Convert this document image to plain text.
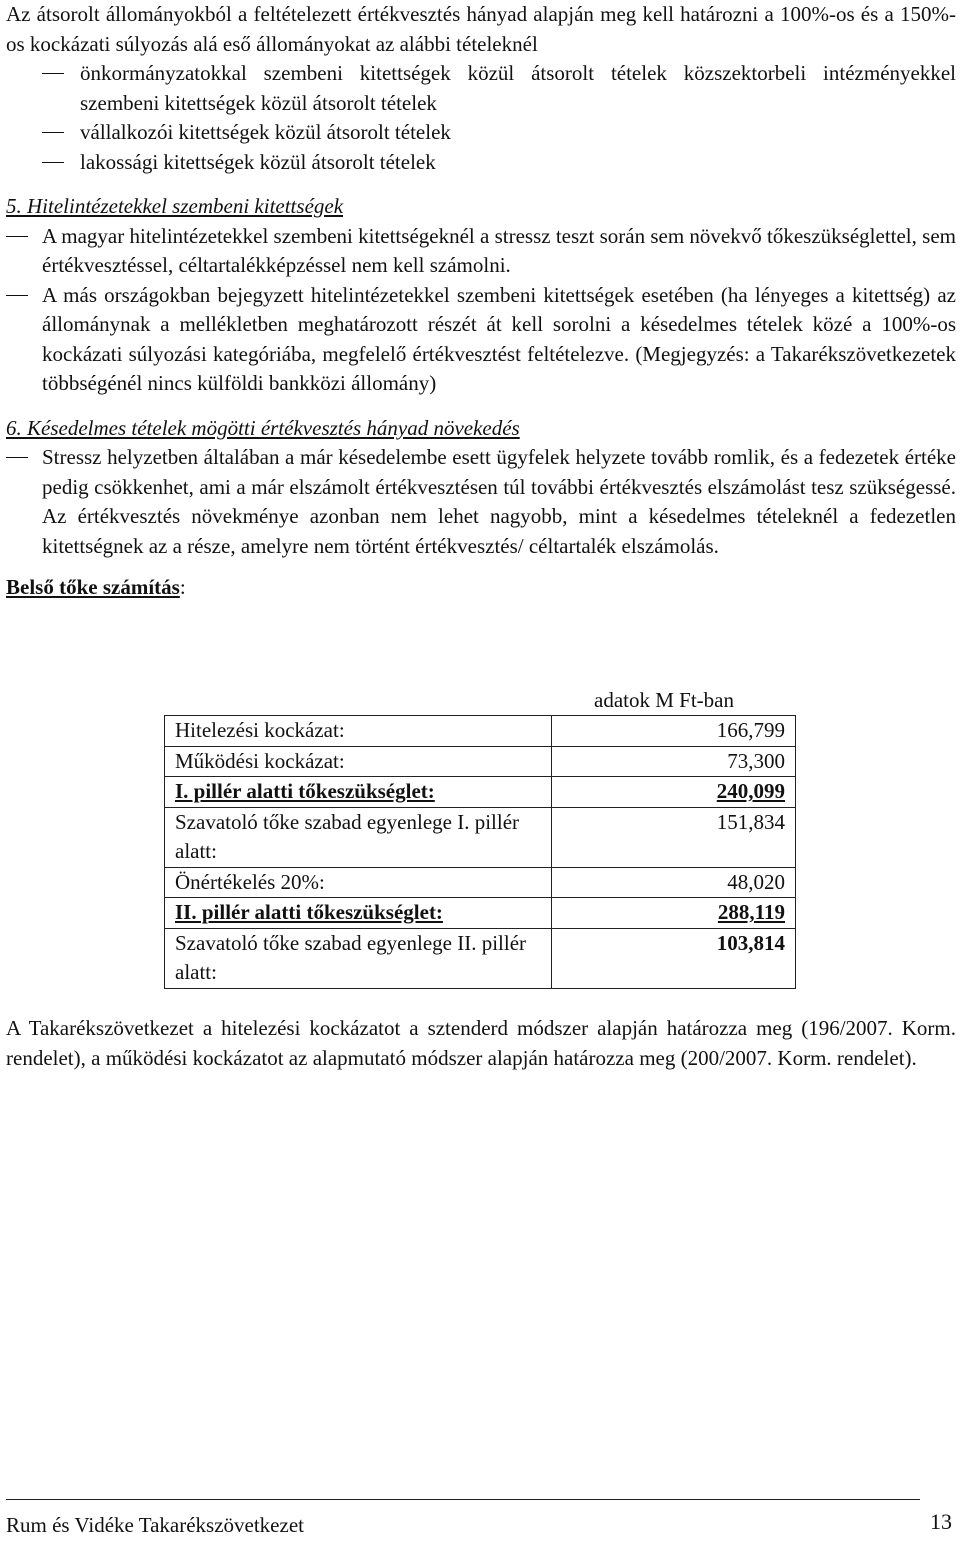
Az átsorolt állományokból a feltételezett értékvesztés hányad alapján meg kell határozni a 100%-os és a 150%-os kockázati súlyozás alá eső állományokat az alábbi tételeknél

önkormányzatokkal szembeni kitettségek közül átsorolt tételek közszektorbeli intézményekkel szembeni kitettségek közül átsorolt tételek
vállalkozói kitettségek közül átsorolt tételek
lakossági kitettségek közül átsorolt tételek

5. Hitelintézetekkel szembeni kitettségek

A magyar hitelintézetekkel szembeni kitettségeknél a stressz teszt során sem növekvő tőkeszükséglettel, sem értékvesztéssel, céltartalékképzéssel nem kell számolni.
A más országokban bejegyzett hitelintézetekkel szembeni kitettségek esetében (ha lényeges a kitettség) az állománynak a mellékletben meghatározott részét át kell sorolni a késedelmes tételek közé a 100%-os kockázati súlyozási kategóriába, megfelelő értékvesztést feltételezve. (Megjegyzés: a Takarékszövetkezetek többségénél nincs külföldi bankközi állomány)

6. Késedelmes tételek mögötti értékvesztés hányad növekedés

Stressz helyzetben általában a már késedelembe esett ügyfelek helyzete tovább romlik, és a fedezetek értéke pedig csökkenhet, ami a már elszámolt értékvesztésen túl további értékvesztés elszámolást tesz szükségessé. Az értékvesztés növekménye azonban nem lehet nagyobb, mint a késedelmes tételeknél a fedezetlen kitettségnek az a része, amelyre nem történt értékvesztés/ céltartalék elszámolás.

Belső tőke számítás:

adatok M Ft-ban
Hitelezési kockázat:	166,799
Működési kockázat:	73,300
I. pillér alatti tőkeszükséglet:	240,099
Szavatoló tőke szabad egyenlege I. pillér alatt:	151,834
Önértékelés 20%:	48,020
II. pillér alatti tőkeszükséglet:	288,119
Szavatoló tőke szabad egyenlege II. pillér alatt:	103,814

A Takarékszövetkezet a hitelezési kockázatot a sztenderd módszer alapján határozza meg (196/2007. Korm. rendelet), a működési kockázatot az alapmutató módszer alapján határozza meg (200/2007. Korm. rendelet).

Rum és Vidéke Takarékszövetkezet	13
